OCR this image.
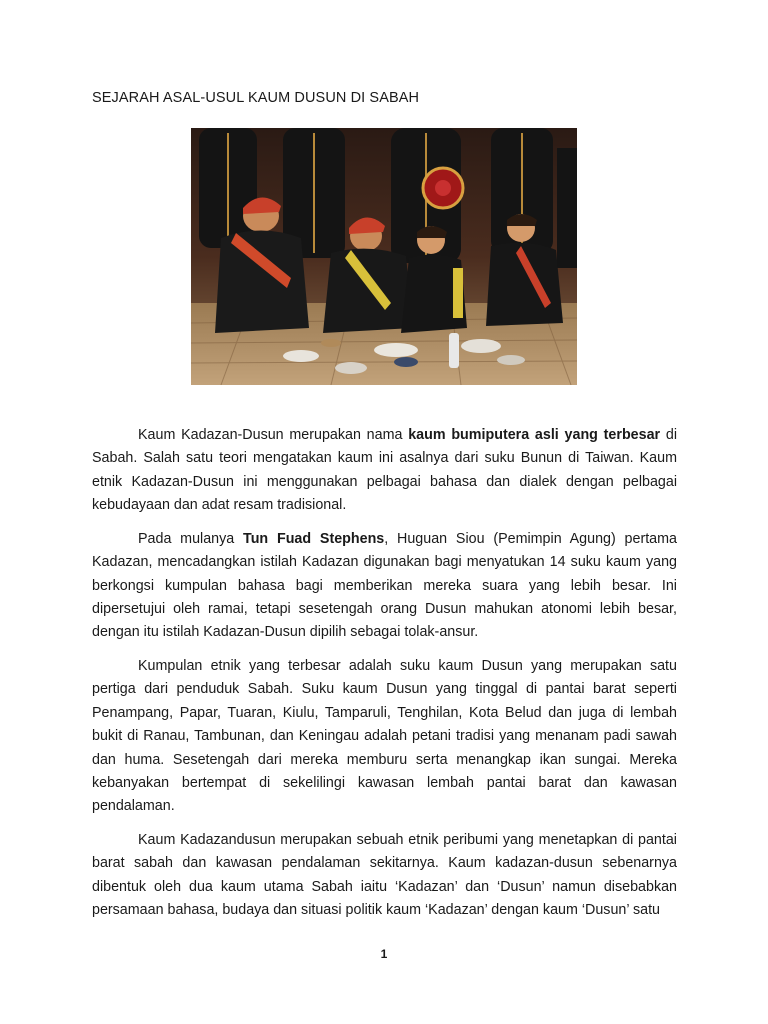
SEJARAH ASAL-USUL KAUM DUSUN DI SABAH

Kaum Kadazan-Dusun merupakan nama kaum bumiputera asli yang terbesar di Sabah. Salah satu teori mengatakan kaum ini asalnya dari suku Bunun di Taiwan. Kaum etnik Kadazan-Dusun ini menggunakan pelbagai bahasa dan dialek dengan pelbagai kebudayaan dan adat resam tradisional.

Pada mulanya Tun Fuad Stephens, Huguan Siou (Pemimpin Agung) pertama Kadazan, mencadangkan istilah Kadazan digunakan bagi menyatukan 14 suku kaum yang berkongsi kumpulan bahasa bagi memberikan mereka suara yang lebih besar. Ini dipersetujui oleh ramai, tetapi sesetengah orang Dusun mahukan atonomi lebih besar, dengan itu istilah Kadazan-Dusun dipilih sebagai tolak-ansur.

Kumpulan etnik yang terbesar adalah suku kaum Dusun yang merupakan satu pertiga dari penduduk Sabah. Suku kaum Dusun yang tinggal di pantai barat seperti Penampang, Papar, Tuaran, Kiulu, Tamparuli, Tenghilan, Kota Belud dan juga di lembah bukit di Ranau, Tambunan, dan Keningau adalah petani tradisi yang menanam padi sawah dan huma. Sesetengah dari mereka memburu serta menangkap ikan sungai. Mereka kebanyakan bertempat di sekelilingi kawasan lembah pantai barat dan kawasan pendalaman.

Kaum Kadazandusun merupakan sebuah etnik peribumi yang menetapkan di pantai barat sabah dan kawasan pendalaman sekitarnya. Kaum kadazan-dusun sebenarnya dibentuk oleh dua kaum utama Sabah iaitu ‘Kadazan’ dan ‘Dusun’ namun disebabkan persamaan bahasa, budaya dan situasi politik kaum ‘Kadazan’ dengan kaum ‘Dusun’ satu

1
